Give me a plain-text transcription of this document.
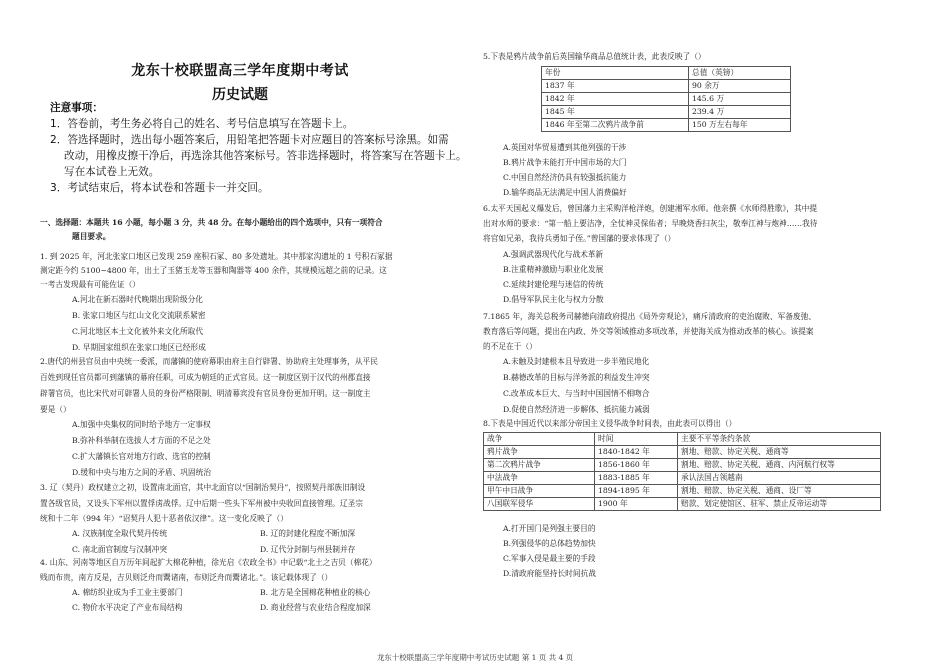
龙东十校联盟高三学年度期中考试
历史试题
注意事项：
1．答卷前，考生务必将自己的姓名、考号信息填写在答题卡上。
2．答选择题时，选出每小题答案后，用铅笔把答题卡对应题目的答案标号涂黑。如需
改动，用橡皮擦干净后，再选涂其他答案标号。答非选择题时，将答案写在答题卡上。
写在本试卷上无效。
3．考试结束后，将本试卷和答题卡一并交回。
一、选择题：本题共 16 小题，每小题 3 分，共 48 分。在每小题给出的四个选项中，只有一项符合
题目要求。
1. 到 2025 年，河北张家口地区已发现 259 座积石冢、80 多处遗址。其中那家沟遗址的 1 号积石冢据
测定距今约 5100~4800 年，出土了玉猪玉龙等玉器和陶器等 400 余件，其规模远超之前的记录。这
一考古发现最有可能佐证（）
A.河北在新石器时代晚期出现阶级分化
B. 张家口地区与红山文化交流联系紧密
C.河北地区本土文化被外来文化所取代
D. 早期国家组织在张家口地区已经形成
2.唐代的州县官员由中央统一委派，而藩镇的使府幕职由府主自行辟署、协助府主处理事务，从平民
百姓到现任官员都可到藩镇的幕府任职，可成为朝廷的正式官员。这一制度区别于汉代的州郡直接
辟署官员，也比宋代对可辟署人员的身份严格限制、明清幕宾没有官员身份更加开明。这一制度主
要是（）
A.加强中央集权的同时给予地方一定事权
B.弥补科举制在选拔人才方面的不足之处
C.扩大藩镇长官对地方行政、选官的控制
D.缓和中央与地方之间的矛盾、巩固统治
3. 辽（契丹）政权建立之初，设置南北面官，其中北面官以“国制治契丹”，按照契丹部族旧制设
置各级官员，又设头下军州以置俘虏战俘。辽中后期一些头下军州被中央收回直接管理。辽圣宗
统和十二年（994 年）“诏契丹人犯十恶者依汉律”。这一变化反映了（）
A. 汉族制度全取代契丹传统	B. 辽的封建化程度不断加深
C. 南北面官制度与汉制冲突	D. 辽代分封制与州县制并存
4. 山东、河南等地区自万历年间起扩大棉花种植，徐光启《农政全书》中记载“北土之吉贝（棉花）
贱而布贵，南方反是，吉贝则泛舟而鬻诸南，布则泛舟而鬻诸北。”。该记载体现了（）
A. 棉纺织业成为手工业主要部门	B. 北方是全国棉花种植业的核心
C. 物价水平决定了产业布局结构	D. 商业经营与农业结合程度加深
5.下表是鸦片战争前后英国输华商品总值统计表，此表反映了（）
年份	总值（英镑）
1837 年	90 余万
1842 年	145.6 万
1845 年	239.4 万
1846 年至第二次鸦片战争前	150 万左右每年
A.英国对华贸易遭到其他列强的干涉
B.鸦片战争未能打开中国市场的大门
C.中国自然经济仍具有较强抵抗能力
D.输华商品无法满足中国人消费偏好
6.太平天国起义爆发后，曾国藩力主采购洋枪洋炮，创建湘军水师。他亲撰《水师得胜歌》，其中提
出对水师的要求：“第一船上要洁净，全仗神灵保佑者；早晚烧香扫灰尘，敬奉江神与炮神……我待
将官如兄弟，我待兵勇如子侄。”曾国藩的要求体现了（）
A.强调武器现代化与战术革新
B.注重精神激励与职业化发展
C.延续封建伦理与迷信的传统
D.倡导军队民主化与权力分散
7.1865 年，海关总税务司赫德向清政府提出《局外旁观论》，痛斥清政府的吏治腐败、军备废弛、
教育落后等问题，提出在内政、外交等领域推动多项改革，并使海关成为推动改革的核心。该提案
的不足在于（）
A.未触及封建根本且导致进一步半殖民地化
B.赫德改革的目标与洋务派的利益发生冲突
C.改革成本巨大、与当时中国国情不相吻合
D.促使自然经济进一步解体、抵抗能力减弱
8.下表是中国近代以来部分帝国主义侵华战争时间表，由此表可以得出（）
战争	时间	主要不平等条约条款
鸦片战争	1840-1842 年	割地、赔款、协定关税、通商等
第二次鸦片战争	1856-1860 年	割地、赔款、协定关税、通商、内河航行权等
中法战争	1883-1885 年	承认法国占领越南
甲午中日战争	1894-1895 年	割地、赔款、协定关税、通商、设厂等
八国联军侵华	1900 年	赔款、划定使馆区、驻军、禁止反帝运动等
A.打开国门是列强主要目的
B.列强侵华的总体趋势加快
C.军事入侵是最主要的手段
D.清政府能坚持长时间抗战
龙东十校联盟高三学年度期中考试历史试题 第 1 页 共 4 页
